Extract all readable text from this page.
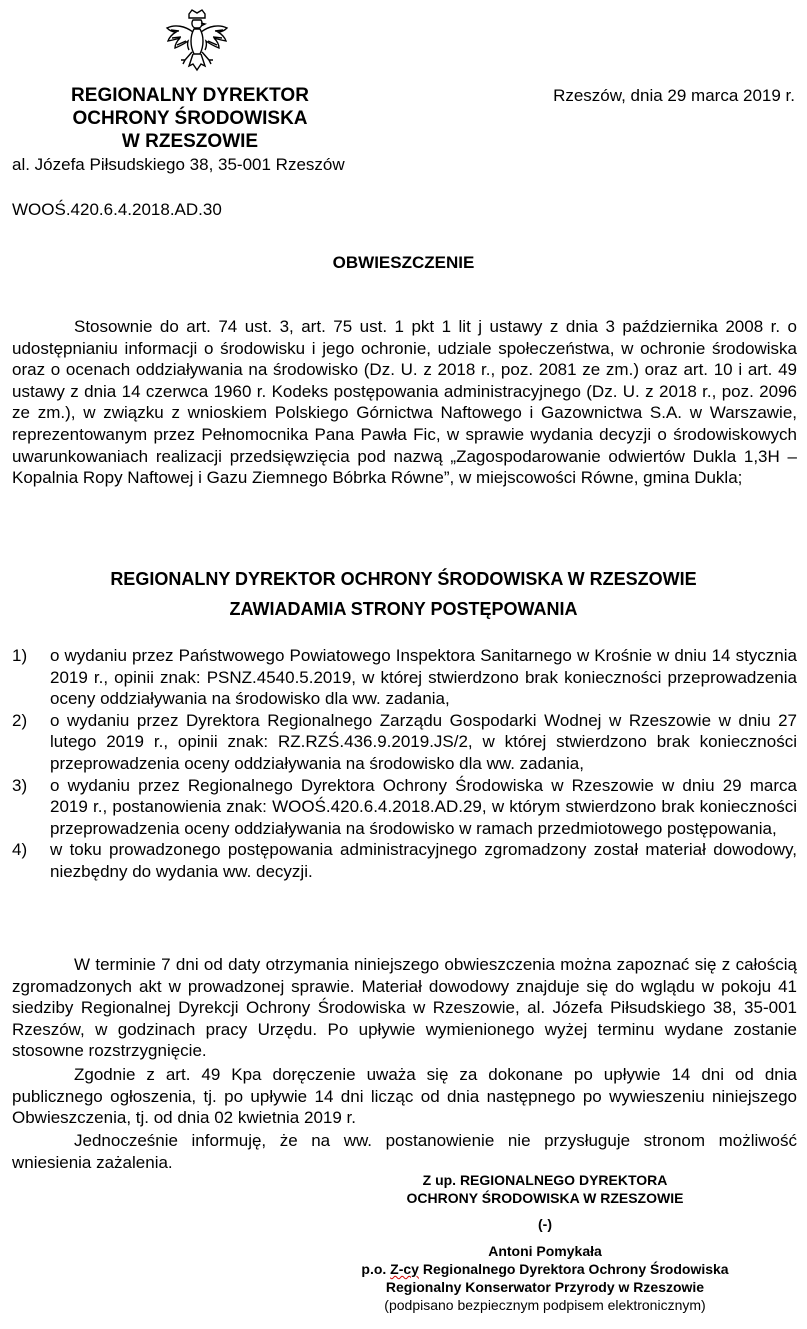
REGIONALNY DYREKTOR
OCHRONY ŚRODOWISKA
W RZESZOWIE
Rzeszów, dnia 29 marca 2019 r.
al. Józefa Piłsudskiego 38, 35-001 Rzeszów
WOOŚ.420.6.4.2018.AD.30
OBWIESZCZENIE

Stosownie do art. 74 ust. 3, art. 75 ust. 1 pkt 1 lit j ustawy z dnia 3 października 2008 r. o udostępnianiu informacji o środowisku i jego ochronie, udziale społeczeństwa, w ochronie środowiska oraz o ocenach oddziaływania na środowisko (Dz. U. z 2018 r., poz. 2081 ze zm.) oraz art. 10 i art. 49 ustawy z dnia 14 czerwca 1960 r. Kodeks postępowania administracyjnego (Dz. U. z 2018 r., poz. 2096 ze zm.), w związku z wnioskiem Polskiego Górnictwa Naftowego i Gazownictwa S.A. w Warszawie, reprezentowanym przez Pełnomocnika Pana Pawła Fic, w sprawie wydania decyzji o środowiskowych uwarunkowaniach realizacji przedsięwzięcia pod nazwą „Zagospodarowanie odwiertów Dukla 1,3H – Kopalnia Ropy Naftowej i Gazu Ziemnego Bóbrka Równe”, w miejscowości Równe, gmina Dukla;

REGIONALNY DYREKTOR OCHRONY ŚRODOWISKA W RZESZOWIE
ZAWIADAMIA STRONY POSTĘPOWANIA
1) o wydaniu przez Państwowego Powiatowego Inspektora Sanitarnego w Krośnie w dniu 14 stycznia 2019 r., opinii znak: PSNZ.4540.5.2019, w której stwierdzono brak konieczności przeprowadzenia oceny oddziaływania na środowisko dla ww. zadania,
2) o wydaniu przez Dyrektora Regionalnego Zarządu Gospodarki Wodnej w Rzeszowie w dniu 27 lutego 2019 r., opinii znak: RZ.RZŚ.436.9.2019.JS/2, w której stwierdzono brak konieczności przeprowadzenia oceny oddziaływania na środowisko dla ww. zadania,
3) o wydaniu przez Regionalnego Dyrektora Ochrony Środowiska w Rzeszowie w dniu 29 marca 2019 r., postanowienia znak: WOOŚ.420.6.4.2018.AD.29, w którym stwierdzono brak konieczności przeprowadzenia oceny oddziaływania na środowisko w ramach przedmiotowego postępowania,
4) w toku prowadzonego postępowania administracyjnego zgromadzony został materiał dowodowy, niezbędny do wydania ww. decyzji.

W terminie 7 dni od daty otrzymania niniejszego obwieszczenia można zapoznać się z całością zgromadzonych akt w prowadzonej sprawie. Materiał dowodowy znajduje się do wglądu w pokoju 41 siedziby Regionalnej Dyrekcji Ochrony Środowiska w Rzeszowie, al. Józefa Piłsudskiego 38, 35-001 Rzeszów, w godzinach pracy Urzędu. Po upływie wymienionego wyżej terminu wydane zostanie stosowne rozstrzygnięcie.

Zgodnie z art. 49 Kpa doręczenie uważa się za dokonane po upływie 14 dni od dnia publicznego ogłoszenia, tj. po upływie 14 dni licząc od dnia następnego po wywieszeniu niniejszego Obwieszczenia, tj. od dnia 02 kwietnia 2019 r.

Jednocześnie informuję, że na ww. postanowienie nie przysługuje stronom możliwość wniesienia zażalenia.

Z up. REGIONALNEGO DYREKTORA
OCHRONY ŚRODOWISKA W RZESZOWIE
(-)
Antoni Pomykała
p.o. Z-cy Regionalnego Dyrektora Ochrony Środowiska
Regionalny Konserwator Przyrody w Rzeszowie
(podpisano bezpiecznym podpisem elektronicznym)
